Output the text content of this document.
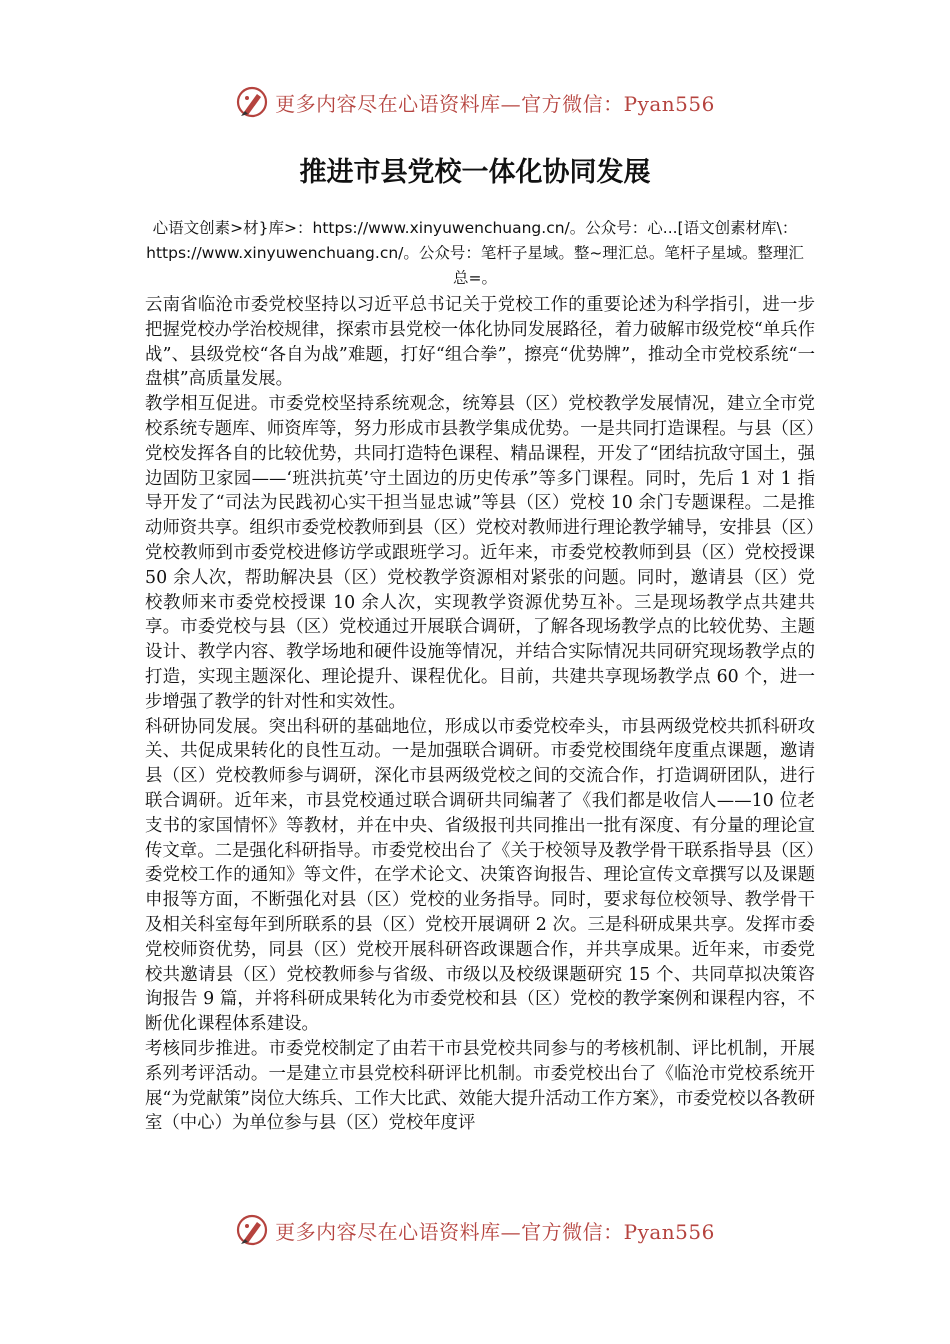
更多内容尽在心语资料库—官方微信：Pyan556
推进市县党校一体化协同发展

心语文创素>材}库>：https://www.xinyuwenchuang.cn/。公众号：心...[语文创素材库\：https://www.xinyuwenchuang.cn/。公众号：笔杆子星域。整~理汇总。笔杆子星域。整理汇总=。

云南省临沧市委党校坚持以习近平总书记关于党校工作的重要论述为科学指引，进一步把握党校办学治校规律，探索市县党校一体化协同发展路径，着力破解市级党校“单兵作战”、县级党校“各自为战”难题，打好“组合拳”，擦亮“优势牌”，推动全市党校系统“一盘棋”高质量发展。

教学相互促进。市委党校坚持系统观念，统筹县（区）党校教学发展情况，建立全市党校系统专题库、师资库等，努力形成市县教学集成优势。一是共同打造课程。与县（区）党校发挥各自的比较优势，共同打造特色课程、精品课程，开发了“团结抗敌守国土，强边固防卫家园——‘班洪抗英’守土固边的历史传承”等多门课程。同时，先后 1 对 1 指导开发了“司法为民践初心实干担当显忠诚”等县（区）党校 10 余门专题课程。二是推动师资共享。组织市委党校教师到县（区）党校对教师进行理论教学辅导，安排县（区）党校教师到市委党校进修访学或跟班学习。近年来，市委党校教师到县（区）党校授课 50 余人次，帮助解决县（区）党校教学资源相对紧张的问题。同时，邀请县（区）党校教师来市委党校授课 10 余人次，实现教学资源优势互补。三是现场教学点共建共享。市委党校与县（区）党校通过开展联合调研，了解各现场教学点的比较优势、主题设计、教学内容、教学场地和硬件设施等情况，并结合实际情况共同研究现场教学点的打造，实现主题深化、理论提升、课程优化。目前，共建共享现场教学点 60 个，进一步增强了教学的针对性和实效性。

科研协同发展。突出科研的基础地位，形成以市委党校牵头，市县两级党校共抓科研攻关、共促成果转化的良性互动。一是加强联合调研。市委党校围绕年度重点课题，邀请县（区）党校教师参与调研，深化市县两级党校之间的交流合作，打造调研团队，进行联合调研。近年来，市县党校通过联合调研共同编著了《我们都是收信人——10 位老支书的家国情怀》等教材，并在中央、省级报刊共同推出一批有深度、有分量的理论宣传文章。二是强化科研指导。市委党校出台了《关于校领导及教学骨干联系指导县（区）委党校工作的通知》等文件，在学术论文、决策咨询报告、理论宣传文章撰写以及课题申报等方面，不断强化对县（区）党校的业务指导。同时，要求每位校领导、教学骨干及相关科室每年到所联系的县（区）党校开展调研 2 次。三是科研成果共享。发挥市委党校师资优势，同县（区）党校开展科研咨政课题合作，并共享成果。近年来，市委党校共邀请县（区）党校教师参与省级、市级以及校级课题研究 15 个、共同草拟决策咨询报告 9 篇，并将科研成果转化为市委党校和县（区）党校的教学案例和课程内容，不断优化课程体系建设。

考核同步推进。市委党校制定了由若干市县党校共同参与的考核机制、评比机制，开展系列考评活动。一是建立市县党校科研评比机制。市委党校出台了《临沧市党校系统开展“为党献策”岗位大练兵、工作大比武、效能大提升活动工作方案》，市委党校以各教研室（中心）为单位参与县（区）党校年度评

更多内容尽在心语资料库—官方微信：Pyan556
